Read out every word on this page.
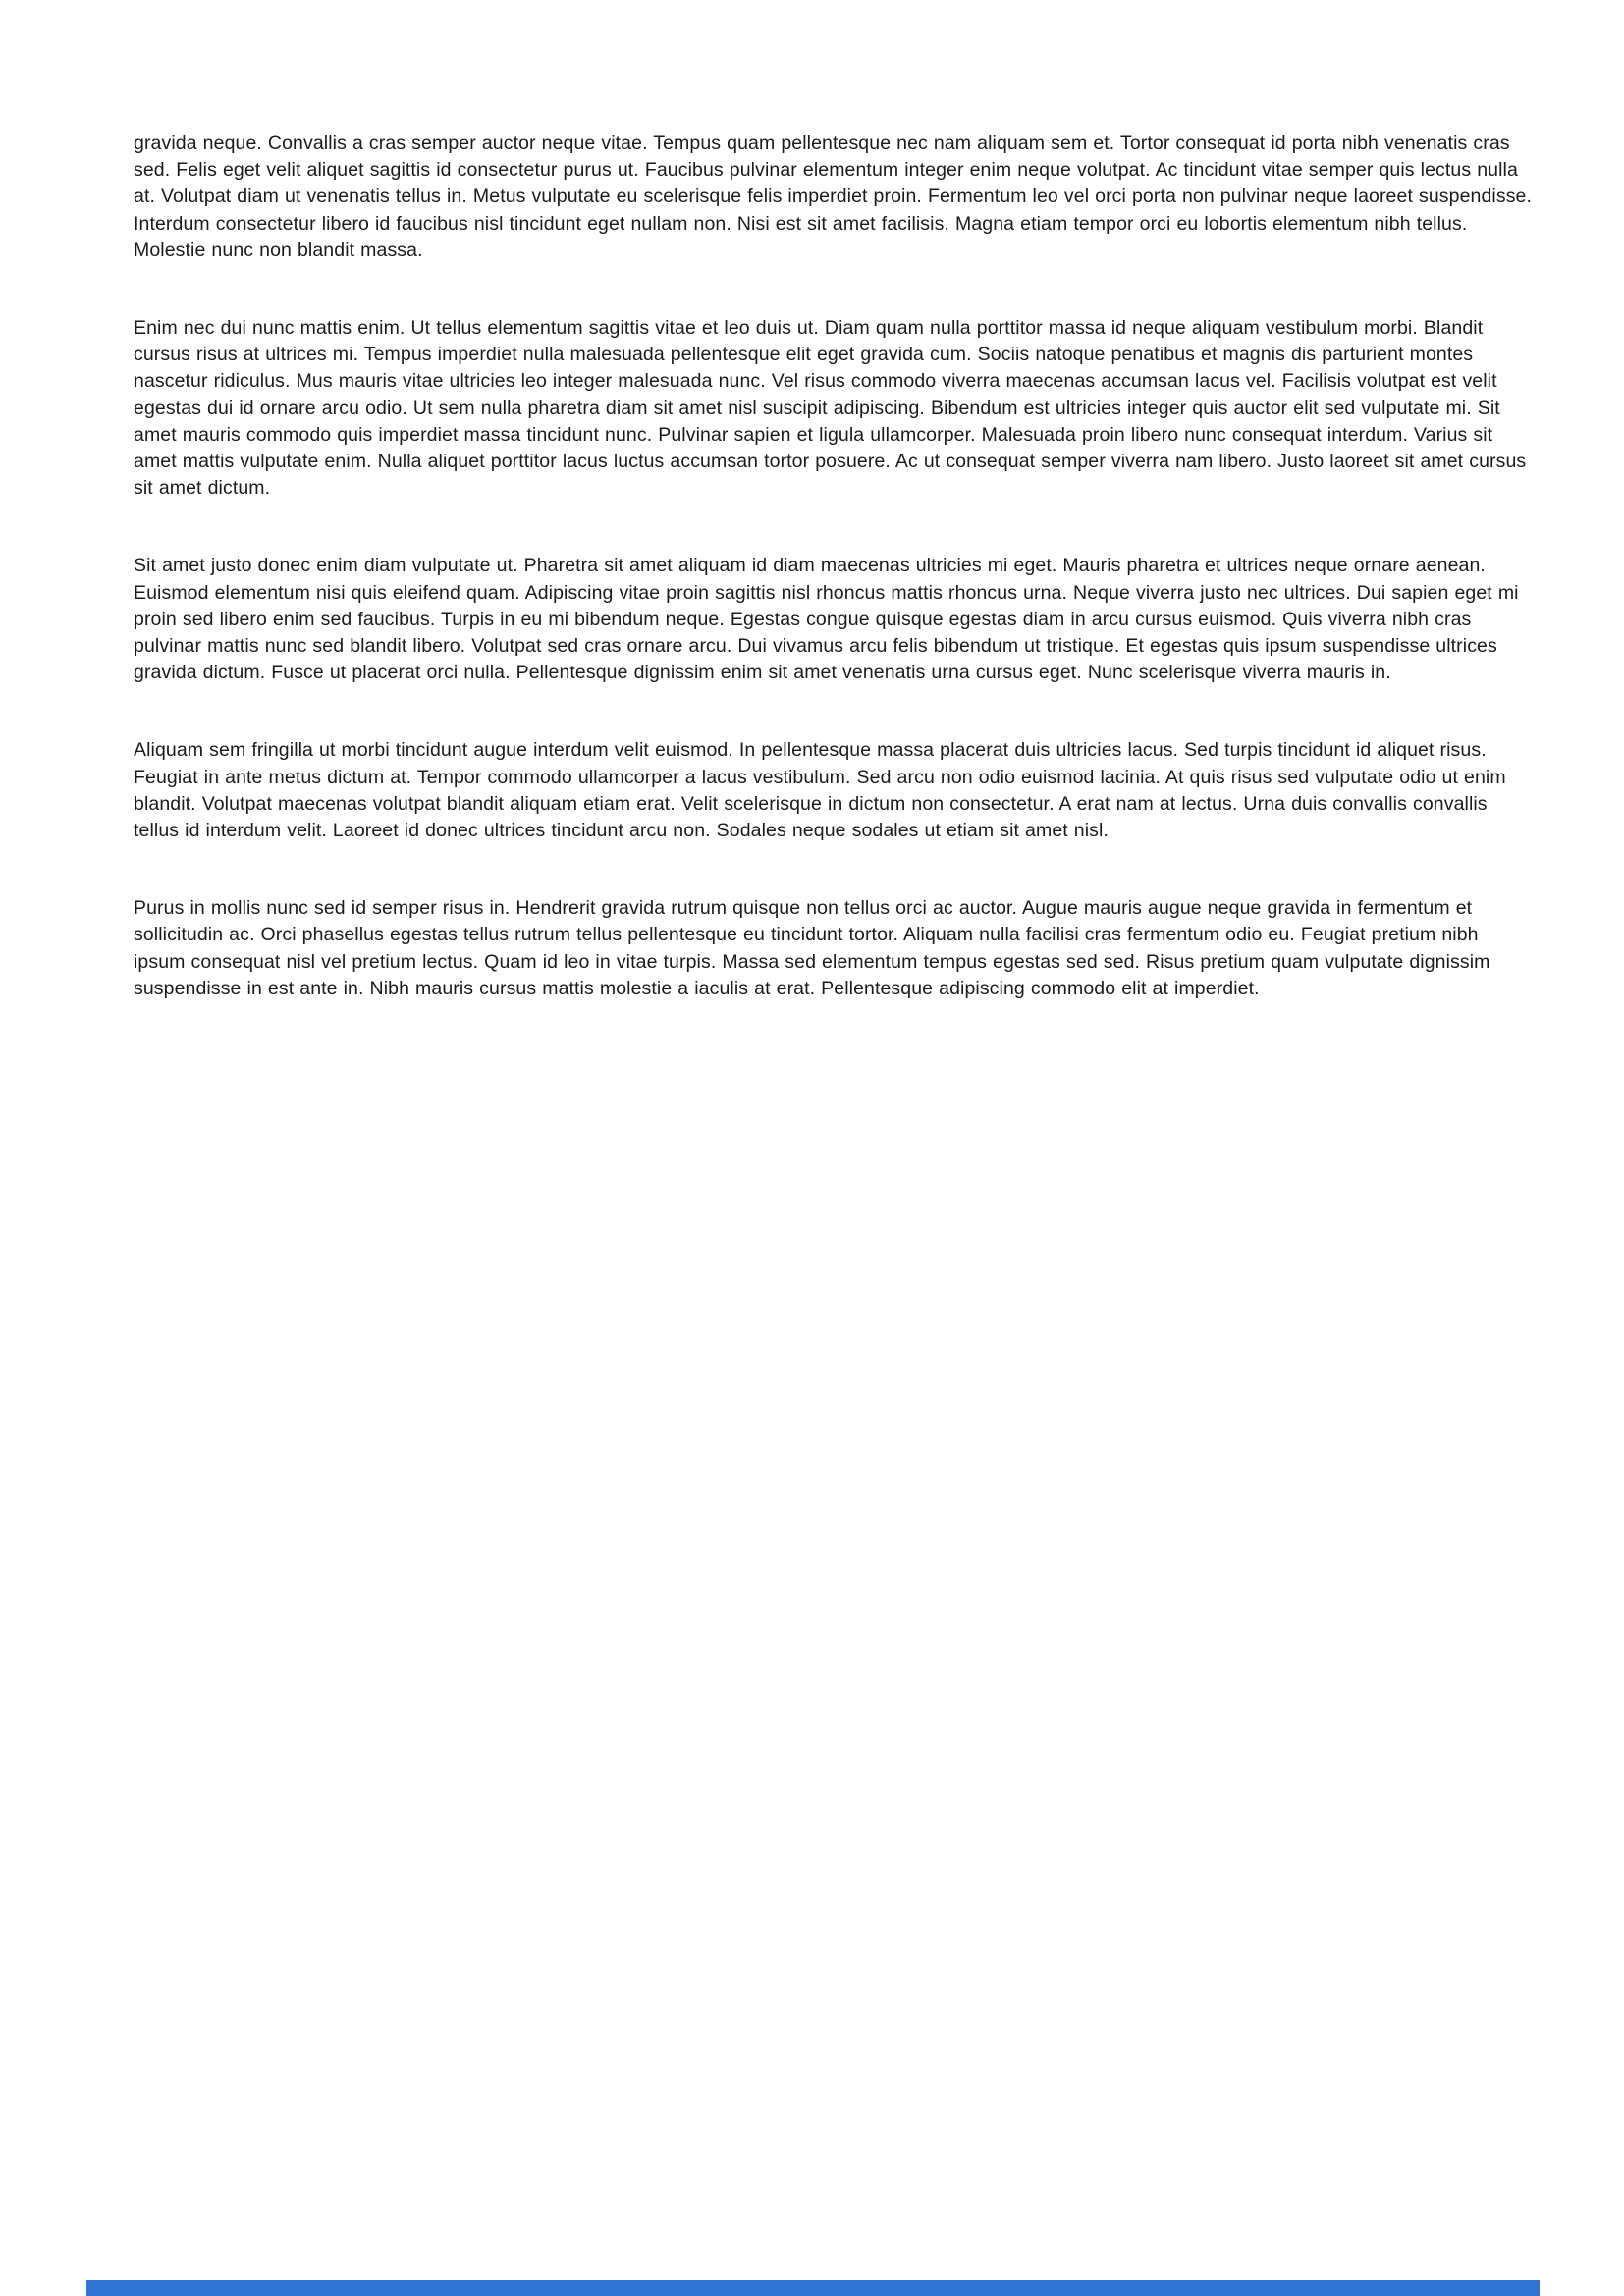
gravida neque. Convallis a cras semper auctor neque vitae. Tempus quam pellentesque nec nam aliquam sem et. Tortor consequat id porta nibh venenatis cras sed. Felis eget velit aliquet sagittis id consectetur purus ut. Faucibus pulvinar elementum integer enim neque volutpat. Ac tincidunt vitae semper quis lectus nulla at. Volutpat diam ut venenatis tellus in. Metus vulputate eu scelerisque felis imperdiet proin. Fermentum leo vel orci porta non pulvinar neque laoreet suspendisse. Interdum consectetur libero id faucibus nisl tincidunt eget nullam non. Nisi est sit amet facilisis. Magna etiam tempor orci eu lobortis elementum nibh tellus. Molestie nunc non blandit massa.

Enim nec dui nunc mattis enim. Ut tellus elementum sagittis vitae et leo duis ut. Diam quam nulla porttitor massa id neque aliquam vestibulum morbi. Blandit cursus risus at ultrices mi. Tempus imperdiet nulla malesuada pellentesque elit eget gravida cum. Sociis natoque penatibus et magnis dis parturient montes nascetur ridiculus. Mus mauris vitae ultricies leo integer malesuada nunc. Vel risus commodo viverra maecenas accumsan lacus vel. Facilisis volutpat est velit egestas dui id ornare arcu odio. Ut sem nulla pharetra diam sit amet nisl suscipit adipiscing. Bibendum est ultricies integer quis auctor elit sed vulputate mi. Sit amet mauris commodo quis imperdiet massa tincidunt nunc. Pulvinar sapien et ligula ullamcorper. Malesuada proin libero nunc consequat interdum. Varius sit amet mattis vulputate enim. Nulla aliquet porttitor lacus luctus accumsan tortor posuere. Ac ut consequat semper viverra nam libero. Justo laoreet sit amet cursus sit amet dictum.

Sit amet justo donec enim diam vulputate ut. Pharetra sit amet aliquam id diam maecenas ultricies mi eget. Mauris pharetra et ultrices neque ornare aenean. Euismod elementum nisi quis eleifend quam. Adipiscing vitae proin sagittis nisl rhoncus mattis rhoncus urna. Neque viverra justo nec ultrices. Dui sapien eget mi proin sed libero enim sed faucibus. Turpis in eu mi bibendum neque. Egestas congue quisque egestas diam in arcu cursus euismod. Quis viverra nibh cras pulvinar mattis nunc sed blandit libero. Volutpat sed cras ornare arcu. Dui vivamus arcu felis bibendum ut tristique. Et egestas quis ipsum suspendisse ultrices gravida dictum. Fusce ut placerat orci nulla. Pellentesque dignissim enim sit amet venenatis urna cursus eget. Nunc scelerisque viverra mauris in.

Aliquam sem fringilla ut morbi tincidunt augue interdum velit euismod. In pellentesque massa placerat duis ultricies lacus. Sed turpis tincidunt id aliquet risus. Feugiat in ante metus dictum at. Tempor commodo ullamcorper a lacus vestibulum. Sed arcu non odio euismod lacinia. At quis risus sed vulputate odio ut enim blandit. Volutpat maecenas volutpat blandit aliquam etiam erat. Velit scelerisque in dictum non consectetur. A erat nam at lectus. Urna duis convallis convallis tellus id interdum velit. Laoreet id donec ultrices tincidunt arcu non. Sodales neque sodales ut etiam sit amet nisl.

Purus in mollis nunc sed id semper risus in. Hendrerit gravida rutrum quisque non tellus orci ac auctor. Augue mauris augue neque gravida in fermentum et sollicitudin ac. Orci phasellus egestas tellus rutrum tellus pellentesque eu tincidunt tortor. Aliquam nulla facilisi cras fermentum odio eu. Feugiat pretium nibh ipsum consequat nisl vel pretium lectus. Quam id leo in vitae turpis. Massa sed elementum tempus egestas sed sed. Risus pretium quam vulputate dignissim suspendisse in est ante in. Nibh mauris cursus mattis molestie a iaculis at erat. Pellentesque adipiscing commodo elit at imperdiet.
